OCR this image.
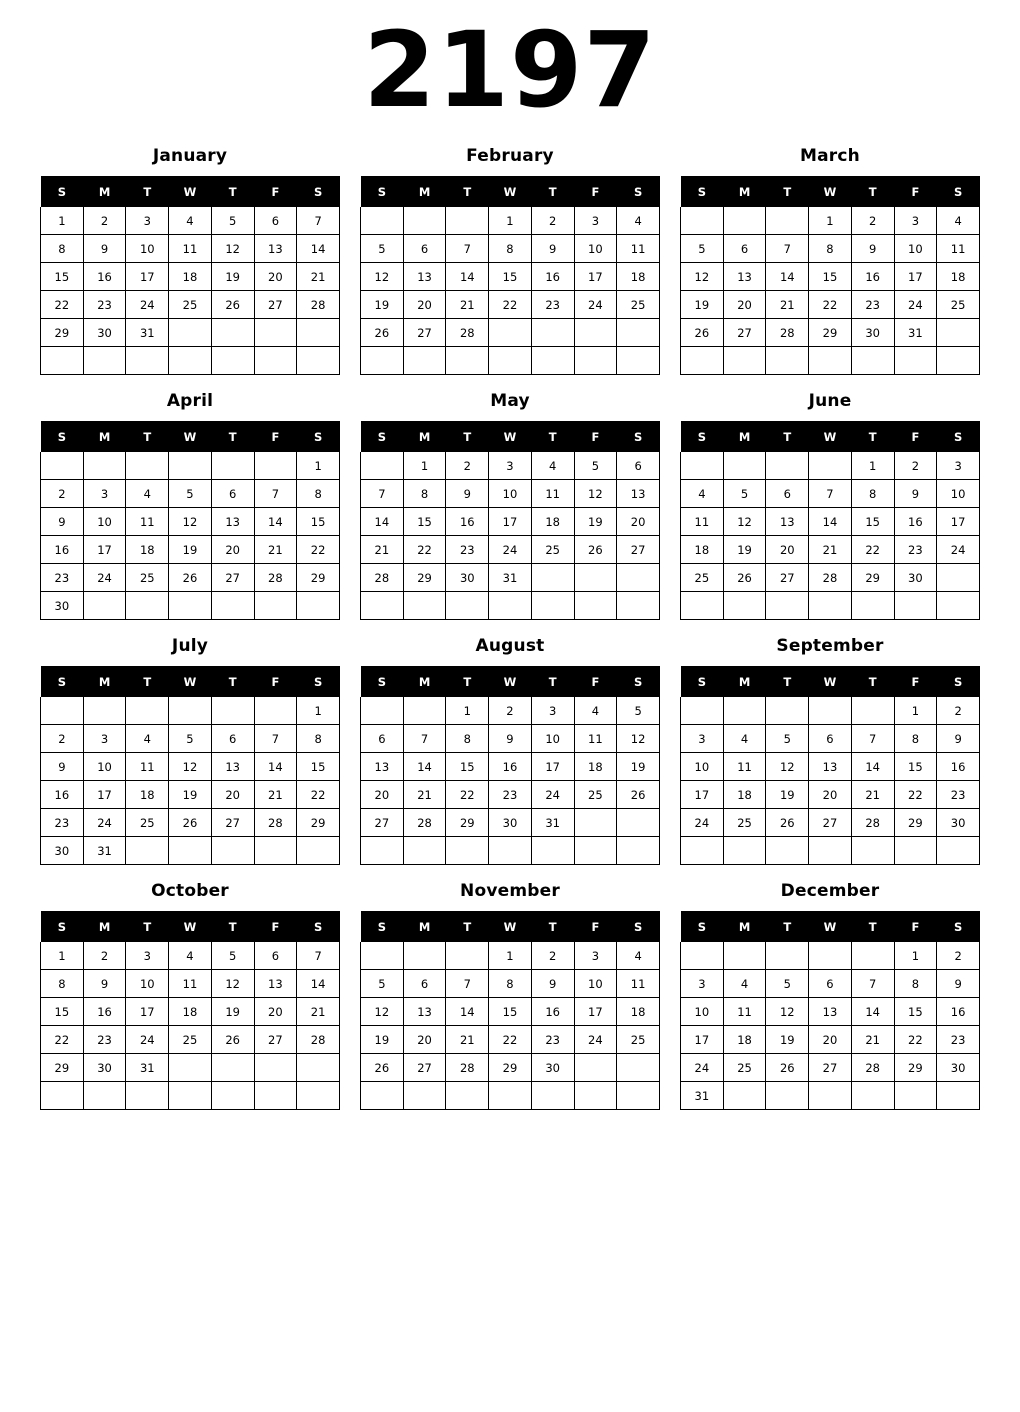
2197
January
S	M	T	W	T	F	S
1	2	3	4	5	6	7
8	9	10	11	12	13	14
15	16	17	18	19	20	21
22	23	24	25	26	27	28
29	30	31				

February
S	M	T	W	T	F	S
			1	2	3	4
5	6	7	8	9	10	11
12	13	14	15	16	17	18
19	20	21	22	23	24	25
26	27	28				

March
S	M	T	W	T	F	S
			1	2	3	4
5	6	7	8	9	10	11
12	13	14	15	16	17	18
19	20	21	22	23	24	25
26	27	28	29	30	31	

April
S	M	T	W	T	F	S
						1
2	3	4	5	6	7	8
9	10	11	12	13	14	15
16	17	18	19	20	21	22
23	24	25	26	27	28	29
30						
May
S	M	T	W	T	F	S
	1	2	3	4	5	6
7	8	9	10	11	12	13
14	15	16	17	18	19	20
21	22	23	24	25	26	27
28	29	30	31			

June
S	M	T	W	T	F	S
				1	2	3
4	5	6	7	8	9	10
11	12	13	14	15	16	17
18	19	20	21	22	23	24
25	26	27	28	29	30	

July
S	M	T	W	T	F	S
						1
2	3	4	5	6	7	8
9	10	11	12	13	14	15
16	17	18	19	20	21	22
23	24	25	26	27	28	29
30	31					
August
S	M	T	W	T	F	S
		1	2	3	4	5
6	7	8	9	10	11	12
13	14	15	16	17	18	19
20	21	22	23	24	25	26
27	28	29	30	31		

September
S	M	T	W	T	F	S
					1	2
3	4	5	6	7	8	9
10	11	12	13	14	15	16
17	18	19	20	21	22	23
24	25	26	27	28	29	30

October
S	M	T	W	T	F	S
1	2	3	4	5	6	7
8	9	10	11	12	13	14
15	16	17	18	19	20	21
22	23	24	25	26	27	28
29	30	31				

November
S	M	T	W	T	F	S
			1	2	3	4
5	6	7	8	9	10	11
12	13	14	15	16	17	18
19	20	21	22	23	24	25
26	27	28	29	30		

December
S	M	T	W	T	F	S
					1	2
3	4	5	6	7	8	9
10	11	12	13	14	15	16
17	18	19	20	21	22	23
24	25	26	27	28	29	30
31						
